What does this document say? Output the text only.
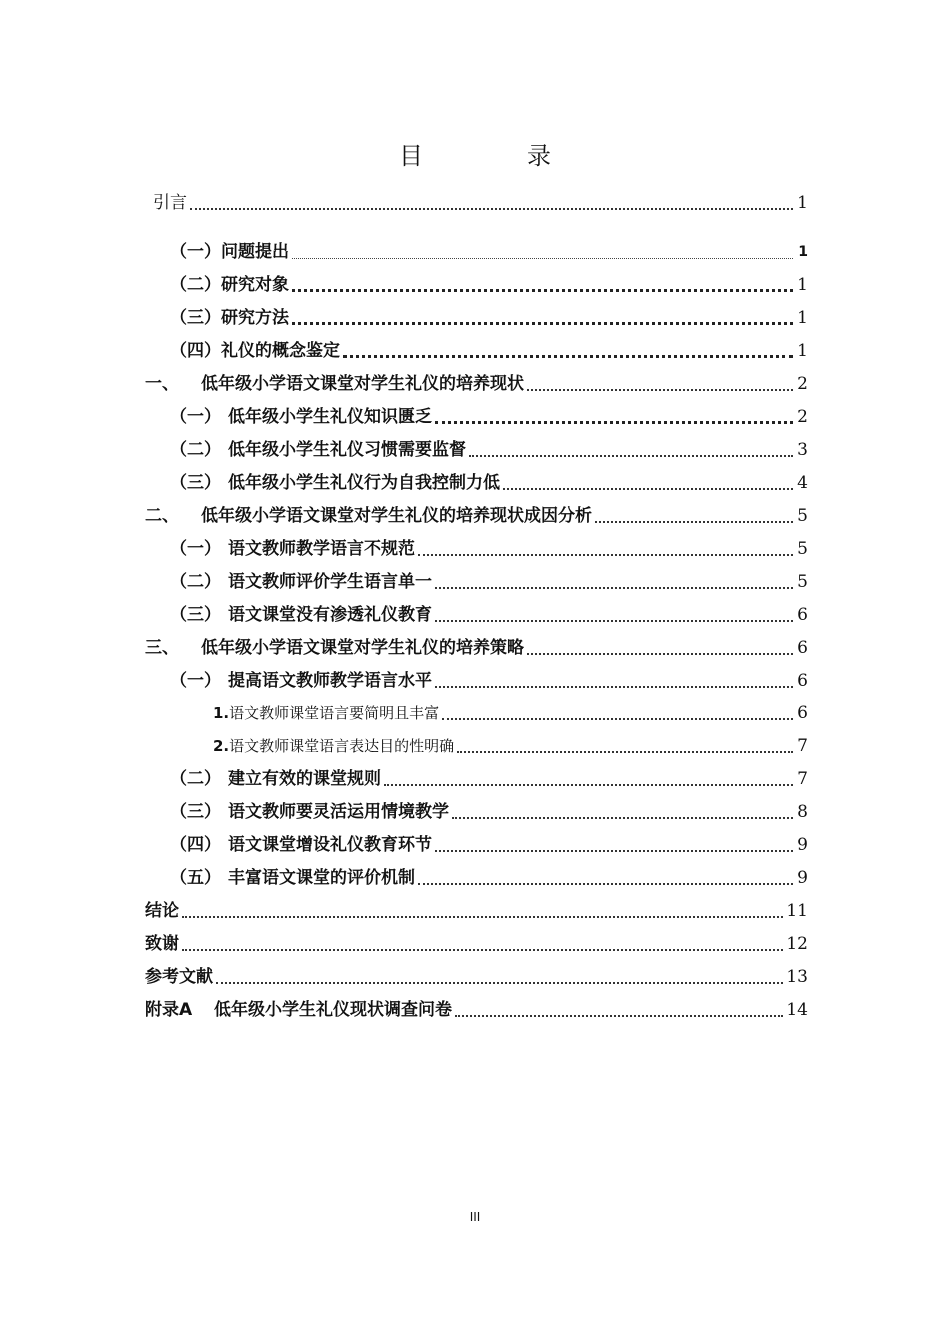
目　录
引言	1
（一）问题提出	1
（二）研究对象	1
（三）研究方法	1
（四）礼仪的概念鉴定	1
一、	低年级小学语文课堂对学生礼仪的培养现状	2
（一） 低年级小学生礼仪知识匮乏	2
（二） 低年级小学生礼仪习惯需要监督	3
（三） 低年级小学生礼仪行为自我控制力低	4
二、	低年级小学语文课堂对学生礼仪的培养现状成因分析	5
（一） 语文教师教学语言不规范	5
（二） 语文教师评价学生语言单一	5
（三） 语文课堂没有渗透礼仪教育	6
三、	低年级小学语文课堂对学生礼仪的培养策略	6
（一） 提高语文教师教学语言水平	6
1. 语文教师课堂语言要简明且丰富	6
2. 语文教师课堂语言表达目的性明确	7
（二） 建立有效的课堂规则	7
（三） 语文教师要灵活运用情境教学	8
（四） 语文课堂增设礼仪教育环节	9
（五） 丰富语文课堂的评价机制	9
结论	11
致谢	12
参考文献	13
附录A	低年级小学生礼仪现状调查问卷	14
III
